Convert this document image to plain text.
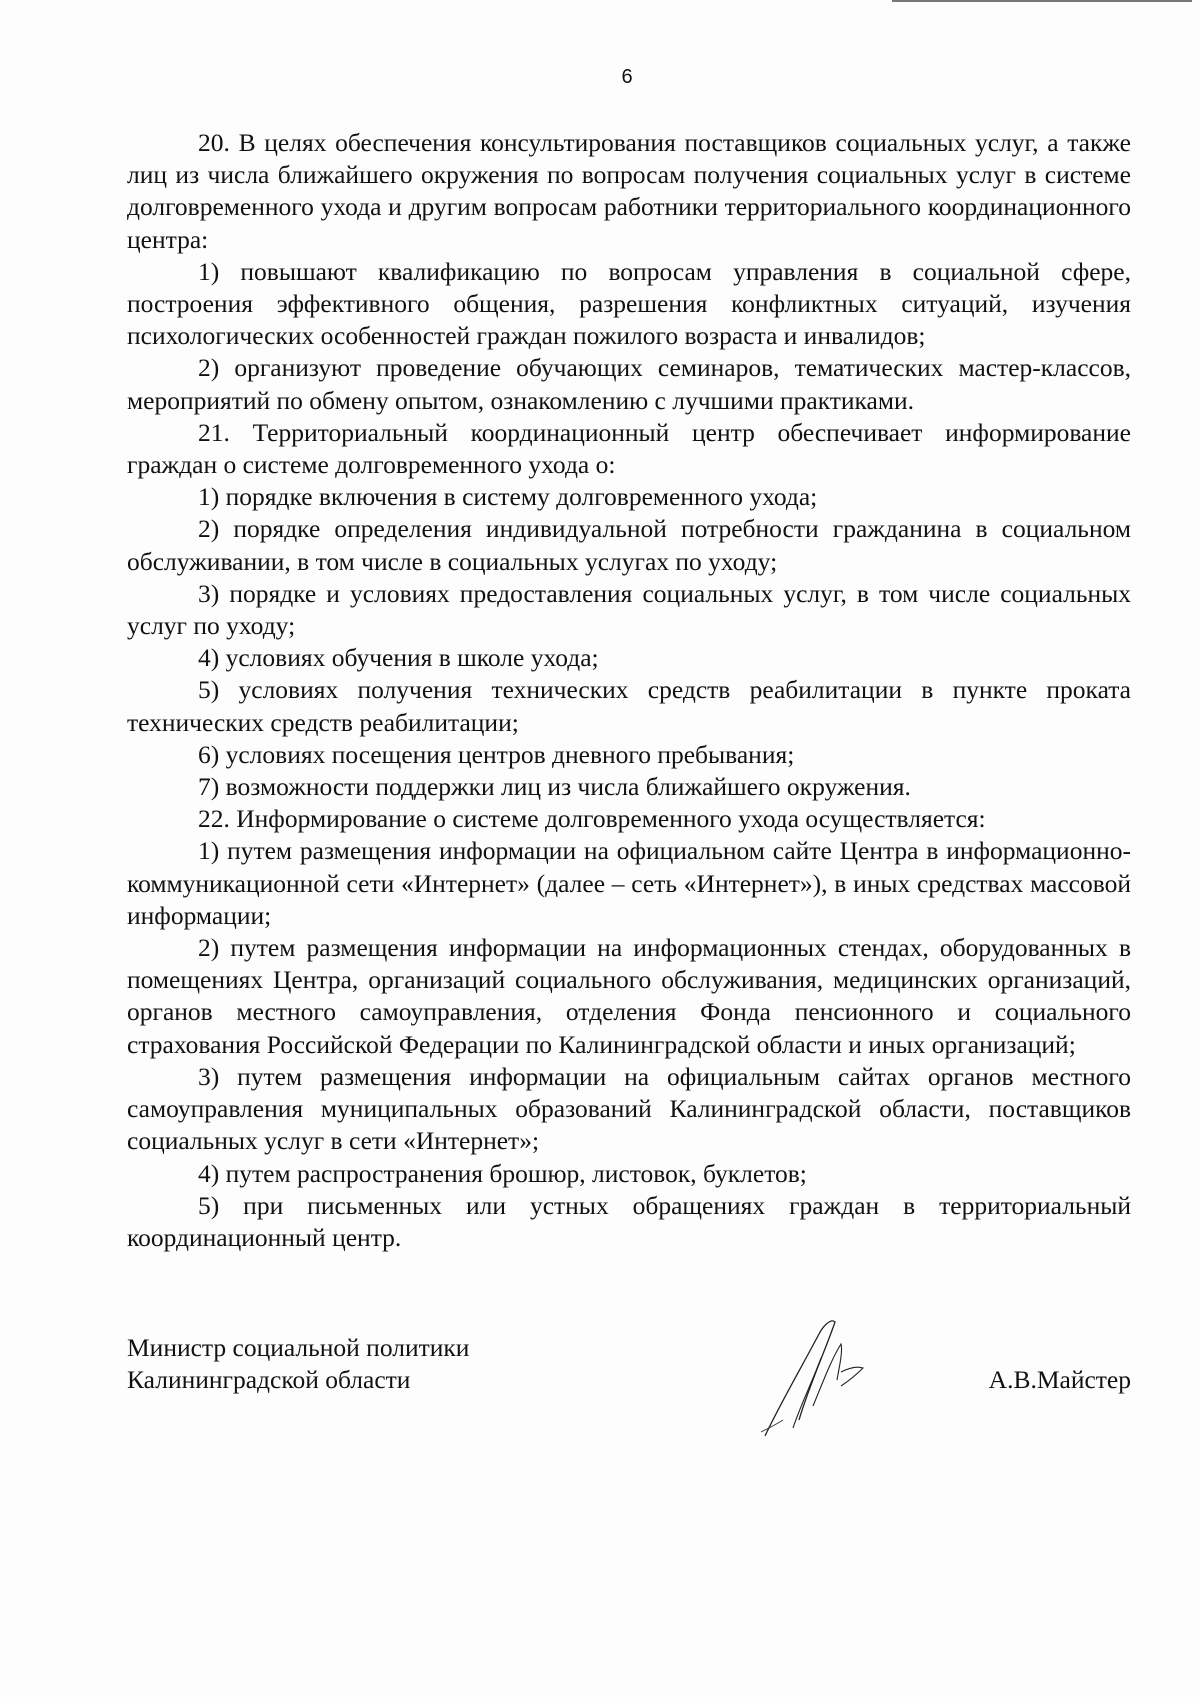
6

20. В целях обеспечения консультирования поставщиков социальных услуг, а также лиц из числа ближайшего окружения по вопросам получения социальных услуг в системе долговременного ухода и другим вопросам работники территориального координационного центра:

1) повышают квалификацию по вопросам управления в социальной сфере, построения эффективного общения, разрешения конфликтных ситуаций, изучения психологических особенностей граждан пожилого возраста и инвалидов;

2) организуют проведение обучающих семинаров, тематических мастер-классов, мероприятий по обмену опытом, ознакомлению с лучшими практиками.

21. Территориальный координационный центр обеспечивает информирование граждан о системе долговременного ухода о:

1) порядке включения в систему долговременного ухода;

2) порядке определения индивидуальной потребности гражданина в социальном обслуживании, в том числе в социальных услугах по уходу;

3) порядке и условиях предоставления социальных услуг, в том числе социальных услуг по уходу;

4) условиях обучения в школе ухода;

5) условиях получения технических средств реабилитации в пункте проката технических средств реабилитации;

6) условиях посещения центров дневного пребывания;

7) возможности поддержки лиц из числа ближайшего окружения.

22. Информирование о системе долговременного ухода осуществляется:

1) путем размещения информации на официальном сайте Центра в информационно-коммуникационной сети «Интернет» (далее – сеть «Интернет»), в иных средствах массовой информации;

2) путем размещения информации на информационных стендах, оборудованных в помещениях Центра, организаций социального обслуживания, медицинских организаций, органов местного самоуправления, отделения Фонда пенсионного и социального страхования Российской Федерации по Калининградской области и иных организаций;

3) путем размещения информации на официальным сайтах органов местного самоуправления муниципальных образований Калининградской области, поставщиков социальных услуг в сети «Интернет»;

4) путем распространения брошюр, листовок, буклетов;

5) при письменных или устных обращениях граждан в территориальный координационный центр.

Министр социальной политики
Калининградской области	А.В.Майстер
